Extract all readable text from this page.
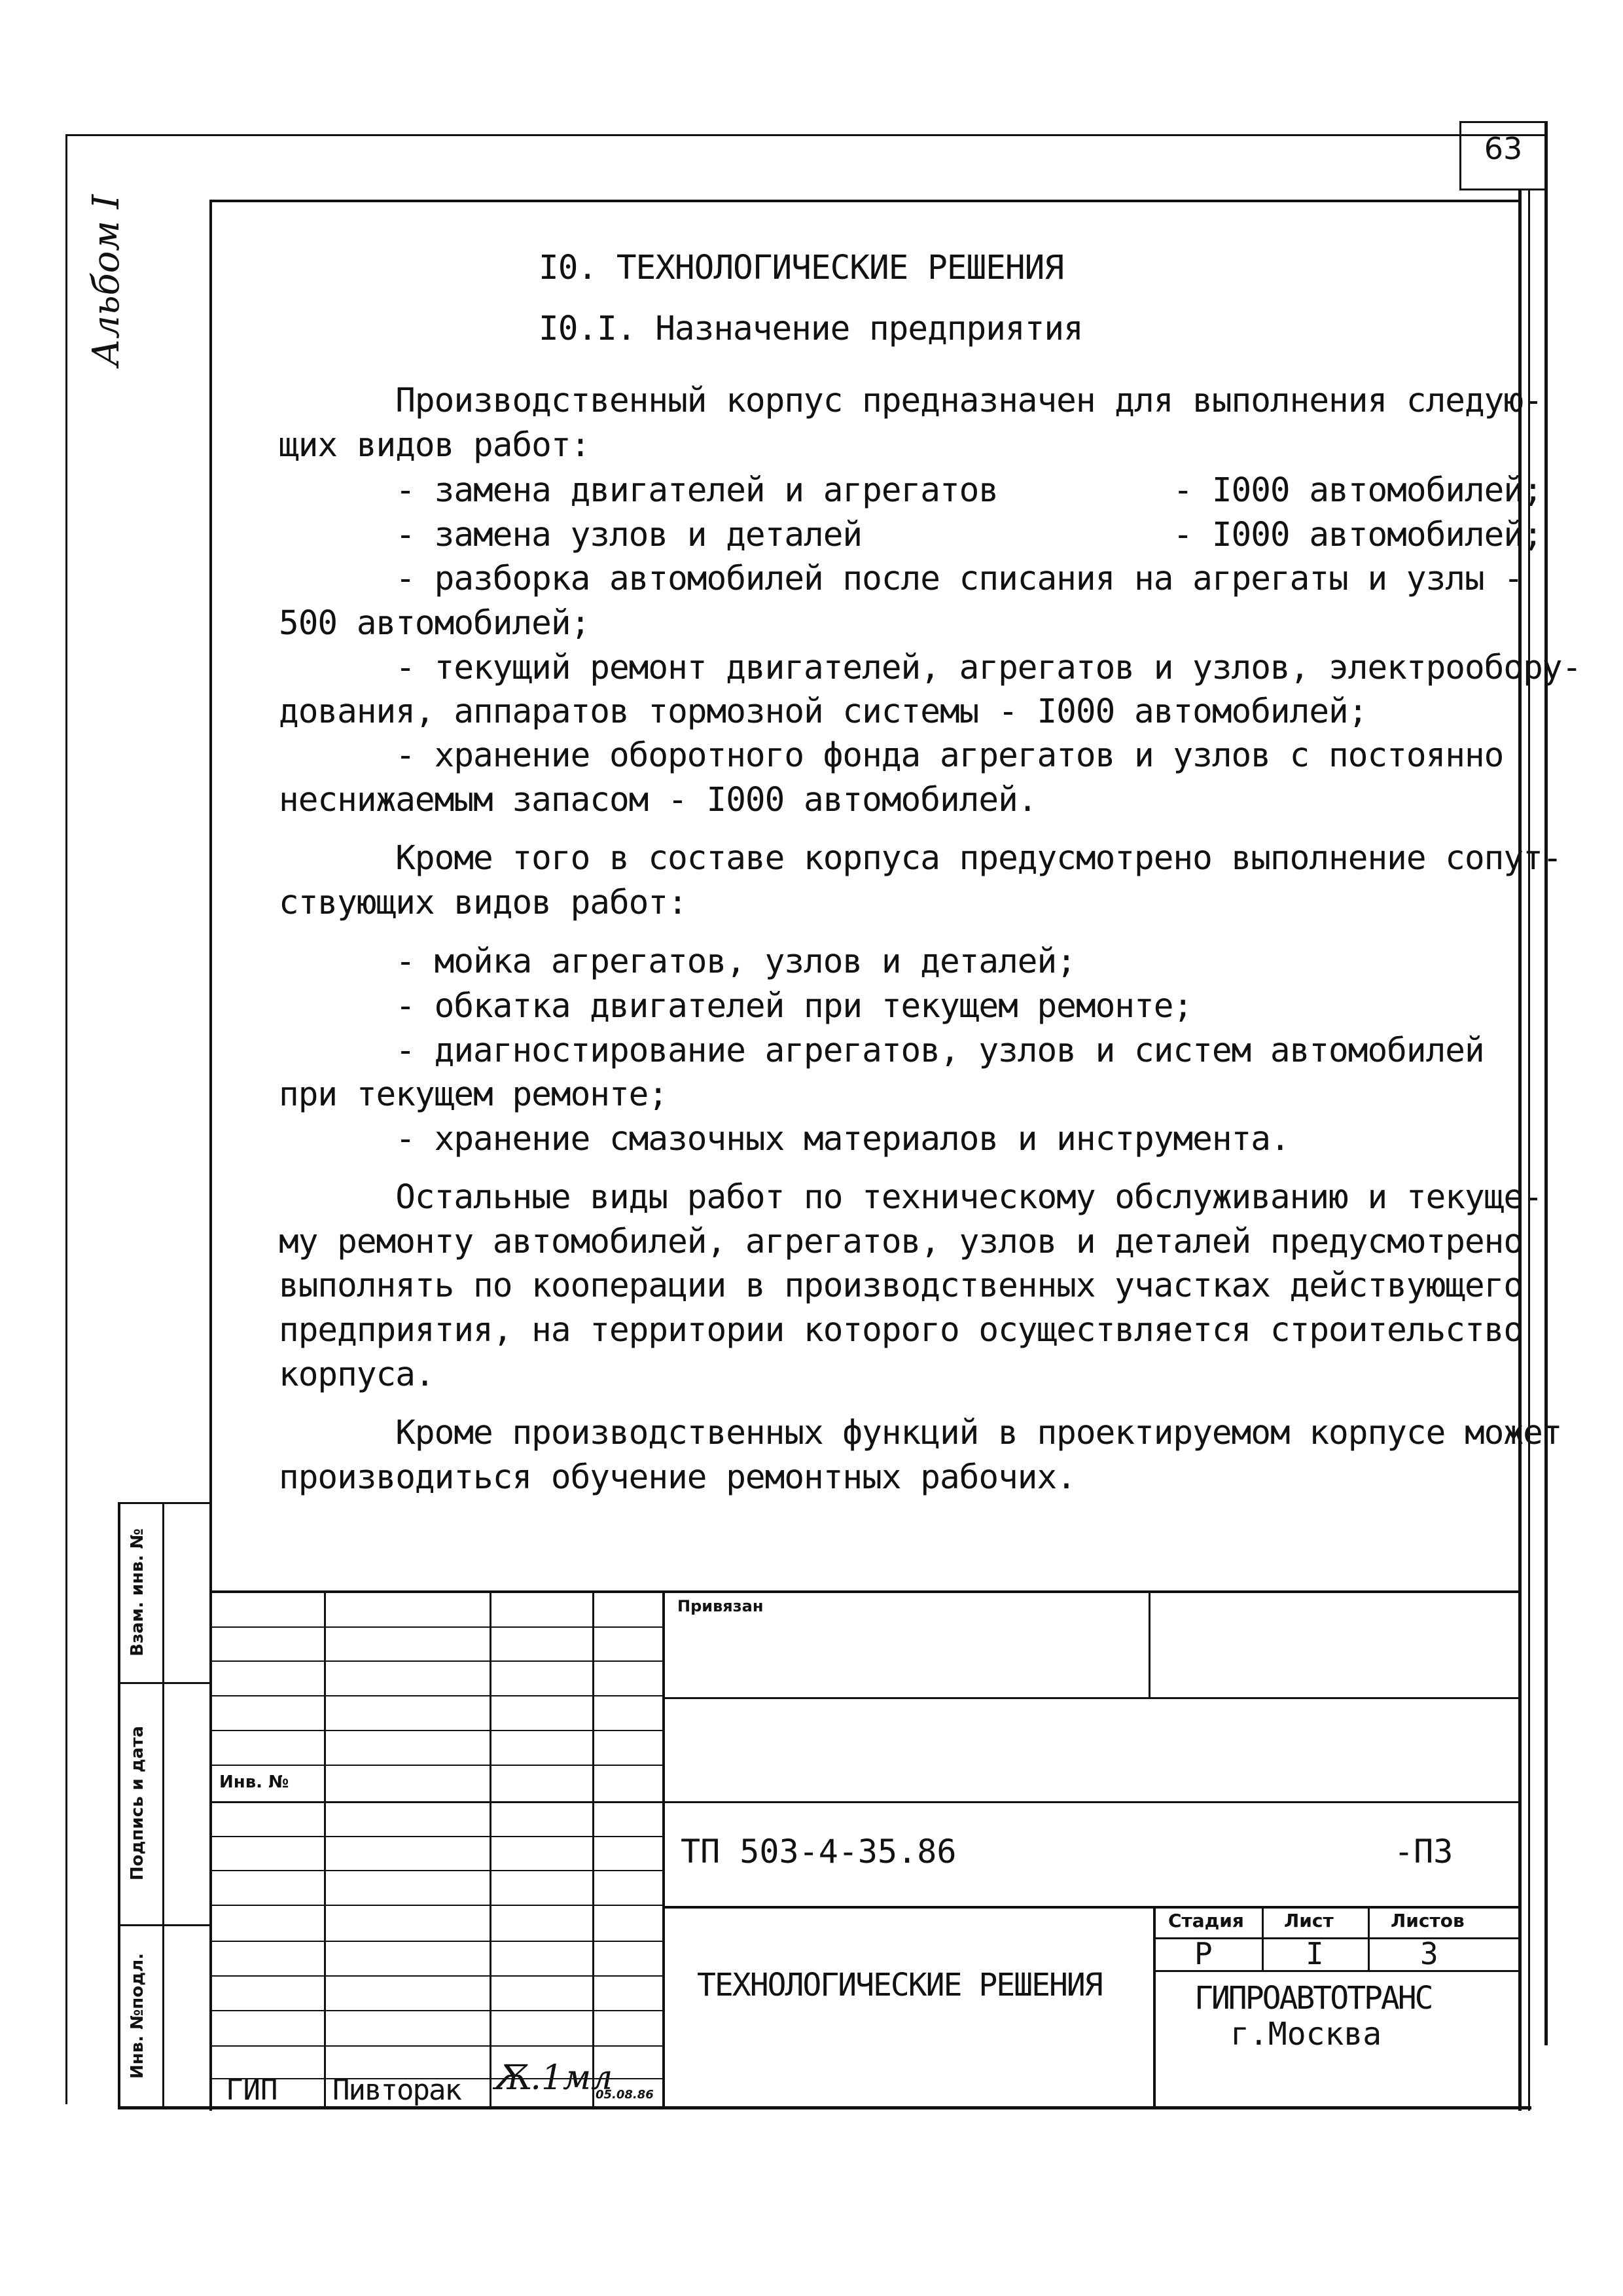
63
Альбом I	I0. ТЕХНОЛОГИЧЕСКИЕ РЕШЕНИЯ
I0.I. Назначение предприятия
Производственный корпус предназначен для выполнения следую-
щих видов работ:
- замена двигателей и агрегатов         - I000 автомобилей;
- замена узлов и деталей                - I000 автомобилей;
- разборка автомобилей после списания на агрегаты и узлы -
500 автомобилей;
- текущий ремонт двигателей, агрегатов и узлов, электрообору-
дования, аппаратов тормозной системы - I000 автомобилей;
- хранение оборотного фонда агрегатов и узлов с постоянно
неснижаемым запасом - I000 автомобилей.
Кроме того в составе корпуса предусмотрено выполнение сопут-
ствующих видов работ:
- мойка агрегатов, узлов и деталей;
- обкатка двигателей при текущем ремонте;
- диагностирование агрегатов, узлов и систем автомобилей
при текущем ремонте;
- хранение смазочных материалов и инструмента.
Остальные виды работ по техническому обслуживанию и текуще-
му ремонту автомобилей, агрегатов, узлов и деталей предусмотрено
выполнять по кооперации в производственных участках действующего
предприятия, на территории которого осуществляется строительство
корпуса.
Кроме производственных функций в проектируемом корпусе может
производиться обучение ремонтных рабочих.
Взам. инв. №
Подпись и дата
Инв. №подл.
Привязан
Инв. №
ТП 503-4-35.86	-ПЗ
ТЕХНОЛОГИЧЕСКИЕ РЕШЕНИЯ
Стадия Лист	Листов
Р	I	3
ГИПРОАВТОТРАНС
г.Москва
ГИП Пивторак Ѫ.1мл
05.08.86
